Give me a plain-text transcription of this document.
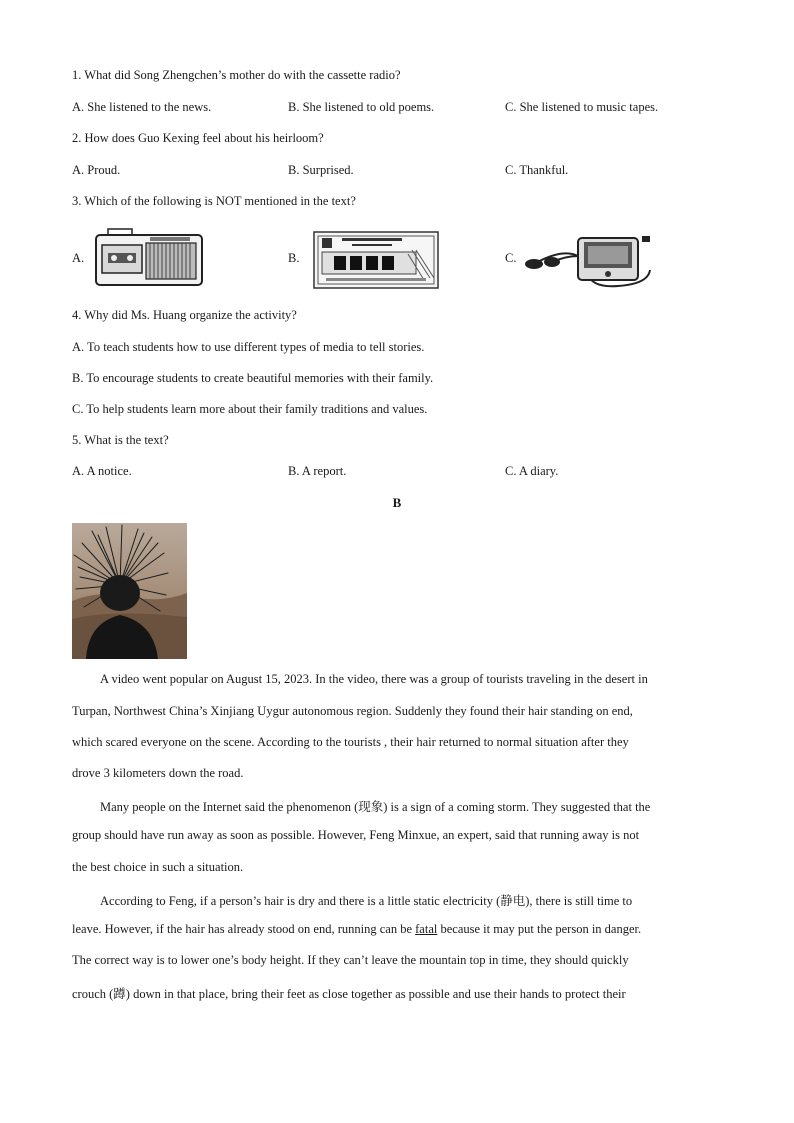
1. What did Song Zhengchen’s mother do with the cassette radio?
A. She listened to the news.	B. She listened to old poems.	C. She listened to music tapes.
2. How does Guo Kexing feel about his heirloom?
A. Proud.	B. Surprised.	C. Thankful.
3. Which of the following is NOT mentioned in the text?
A.	B.	C.
4. Why did Ms. Huang organize the activity?
A. To teach students how to use different types of media to tell stories.
B. To encourage students to create beautiful memories with their family.
C. To help students learn more about their family traditions and values.
5. What is the text?
A. A notice.	B. A report.	C. A diary.
B
A video went popular on August 15, 2023. In the video, there was a group of tourists traveling in the desert in
Turpan, Northwest China’s Xinjiang Uygur autonomous region. Suddenly they found their hair standing on end,
which scared everyone on the scene. According to the tourists , their hair returned to normal situation after they
drove 3 kilometers down the road.
Many people on the Internet said the phenomenon (现象) is a sign of a coming storm. They suggested that the
group should have run away as soon as possible. However, Feng Minxue, an expert, said that running away is not
the best choice in such a situation.
According to Feng, if a person’s hair is dry and there is a little static electricity (静电), there is still time to
leave. However, if the hair has already stood on end, running can be fatal because it may put the person in danger.
The correct way is to lower one’s body height. If they can’t leave the mountain top in time, they should quickly
crouch (蹲) down in that place, bring their feet as close together as possible and use their hands to protect their
